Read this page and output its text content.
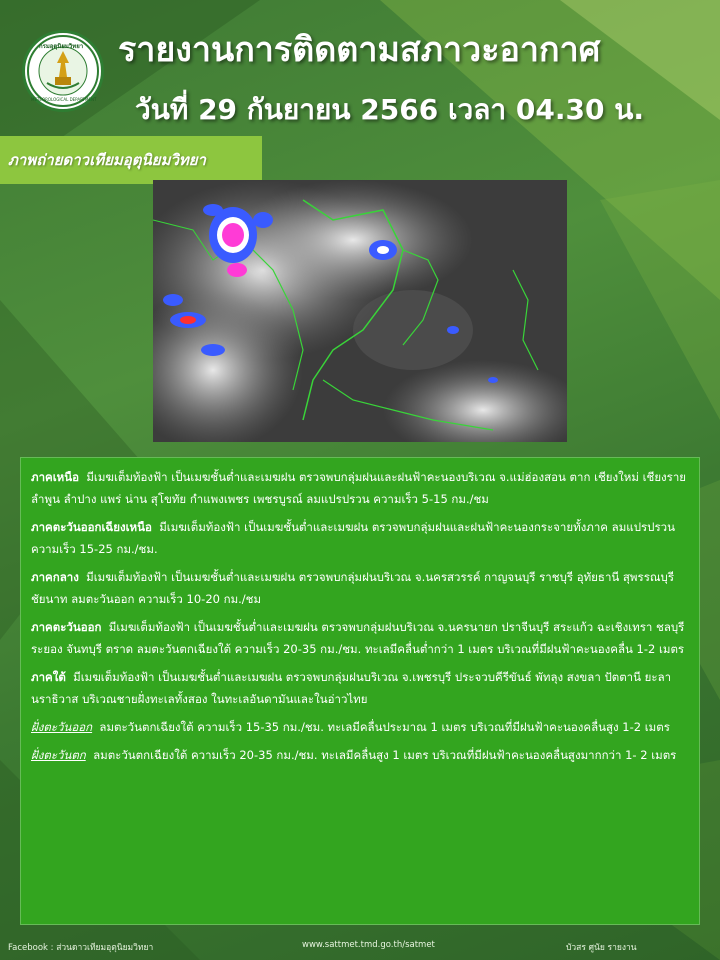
กรมอุตุนิยมวิทยา
METEOROLOGICAL DEPARTMENT
รายงานการติดตามสภาวะอากาศ
วันที่ 29 กันยายน 2566 เวลา 04.30 น.
ภาพถ่ายดาวเทียมอุตุนิยมวิทยา

ภาคเหนือ มีเมฆเต็มท้องฟ้า เป็นเมฆชั้นต่ำและเมฆฝน ตรวจพบกลุ่มฝนและฝนฟ้าคะนองบริเวณ จ.แม่ฮ่องสอน ตาก เชียงใหม่ เชียงราย ลำพูน ลำปาง แพร่ น่าน สุโขทัย กำแพงเพชร เพชรบูรณ์ ลมแปรปรวน ความเร็ว 5-15 กม./ชม

ภาคตะวันออกเฉียงเหนือ มีเมฆเต็มท้องฟ้า เป็นเมฆชั้นต่ำและเมฆฝน ตรวจพบกลุ่มฝนและฝนฟ้าคะนองกระจายทั้งภาค ลมแปรปรวน ความเร็ว 15-25 กม./ชม.

ภาคกลาง มีเมฆเต็มท้องฟ้า เป็นเมฆชั้นต่ำและเมฆฝน ตรวจพบกลุ่มฝนบริเวณ จ.นครสวรรค์ กาญจนบุรี ราชบุรี อุทัยธานี สุพรรณบุรี ชัยนาท ลมตะวันออก ความเร็ว 10-20 กม./ชม

ภาคตะวันออก มีเมฆเต็มท้องฟ้า เป็นเมฆชั้นต่ำและเมฆฝน ตรวจพบกลุ่มฝนบริเวณ จ.นครนายก ปราจีนบุรี สระแก้ว ฉะเชิงเทรา ชลบุรี ระยอง จันทบุรี ตราด ลมตะวันตกเฉียงใต้ ความเร็ว 20-35 กม./ชม. ทะเลมีคลื่นต่ำกว่า 1 เมตร บริเวณที่มีฝนฟ้าคะนองคลื่น 1-2 เมตร

ภาคใต้ มีเมฆเต็มท้องฟ้า เป็นเมฆชั้นต่ำและเมฆฝน ตรวจพบกลุ่มฝนบริเวณ จ.เพชรบุรี ประจวบคีรีขันธ์ พัทลุง สงขลา ปัตตานี ยะลา นราธิวาส บริเวณชายฝั่งทะเลทั้งสอง ในทะเลอันดามันและในอ่าวไทย

ฝั่งตะวันออก ลมตะวันตกเฉียงใต้ ความเร็ว 15-35 กม./ชม. ทะเลมีคลื่นประมาณ 1 เมตร บริเวณที่มีฝนฟ้าคะนองคลื่นสูง 1-2 เมตร

ฝั่งตะวันตก ลมตะวันตกเฉียงใต้ ความเร็ว 20-35 กม./ชม. ทะเลมีคลื่นสูง 1 เมตร บริเวณที่มีฝนฟ้าคะนองคลื่นสูงมากกว่า 1- 2 เมตร

Facebook : ส่วนดาวเทียมอุตุนิยมวิทยา	www.sattmet.tmd.go.th/satmet	บัวสร ศูนัย รายงาน
